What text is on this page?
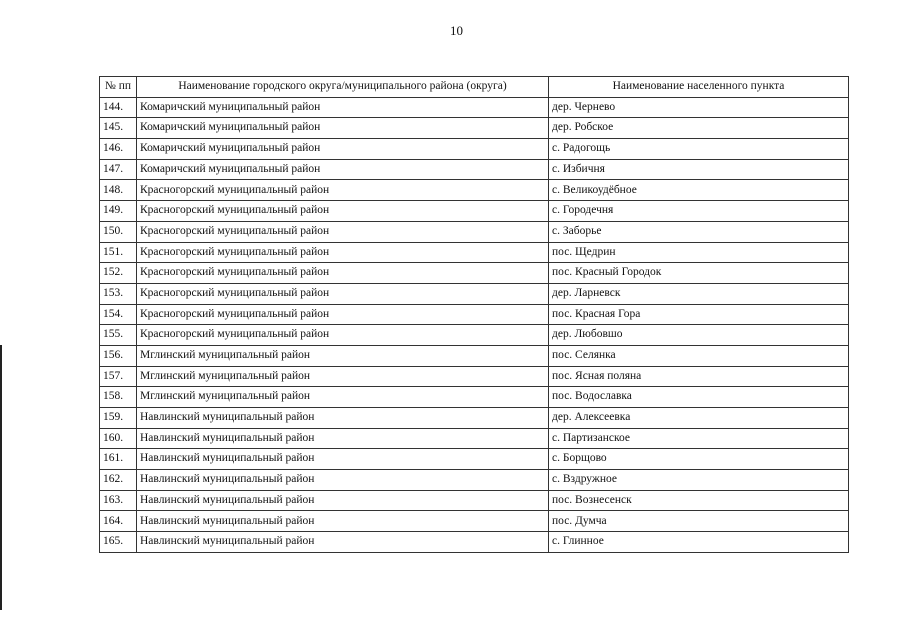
10
№ пп	Наименование городского округа/муниципального района (округа)	Наименование населенного пункта
144.	Комаричский муниципальный район	дер. Чернево
145.	Комаричский муниципальный район	дер. Робское
146.	Комаричский муниципальный район	с. Радогощь
147.	Комаричский муниципальный район	с. Избичня
148.	Красногорский муниципальный район	с. Великоудёбное
149.	Красногорский муниципальный район	с. Городечня
150.	Красногорский муниципальный район	с. Заборье
151.	Красногорский муниципальный район	пос. Щедрин
152.	Красногорский муниципальный район	пос. Красный Городок
153.	Красногорский муниципальный район	дер. Ларневск
154.	Красногорский муниципальный район	пос. Красная Гора
155.	Красногорский муниципальный район	дер. Любовшо
156.	Мглинский муниципальный район	пос. Селянка
157.	Мглинский муниципальный район	пос. Ясная поляна
158.	Мглинский муниципальный район	пос. Водославка
159.	Навлинский муниципальный район	дер. Алексеевка
160.	Навлинский муниципальный район	с. Партизанское
161.	Навлинский муниципальный район	с. Борщово
162.	Навлинский муниципальный район	с. Вздружное
163.	Навлинский муниципальный район	пос. Вознесенск
164.	Навлинский муниципальный район	пос. Думча
165.	Навлинский муниципальный район	с. Глинное
